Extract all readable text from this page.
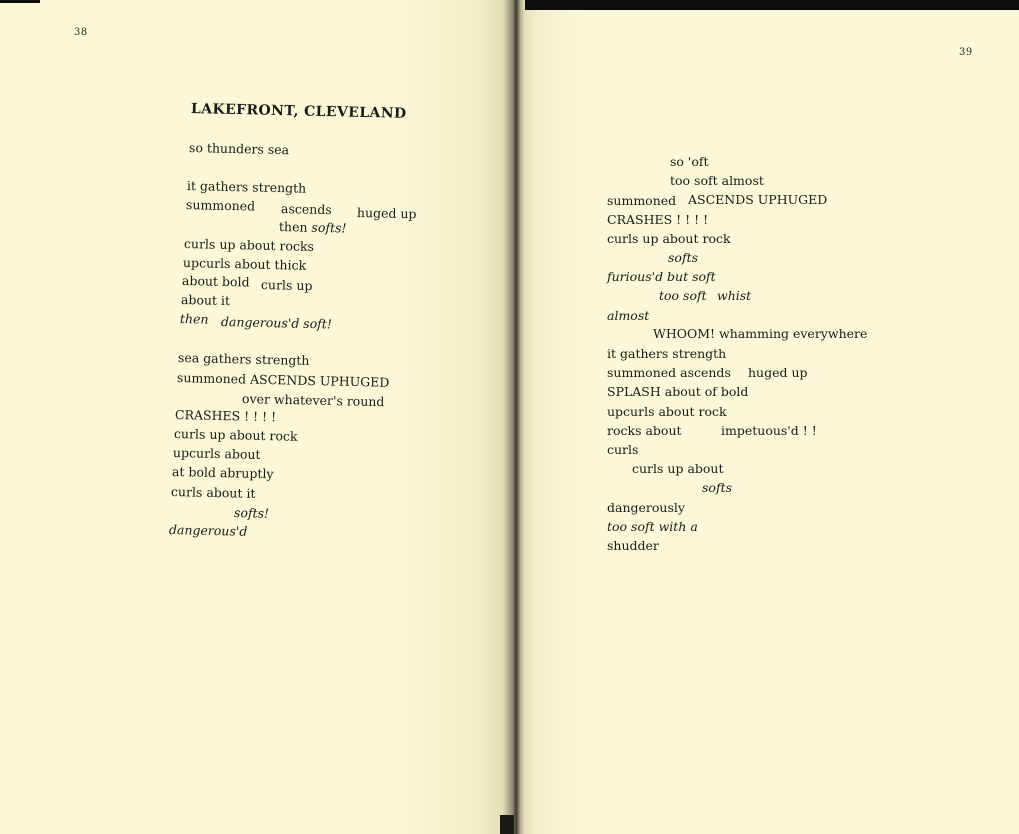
38
LAKEFRONT, CLEVELAND
so thunders sea
it gathers strength
summoned ascends huged up
then softs!
curls up about rocks
upcurls about thick
about bold curls up
about it
then dangerous'd soft!
sea gathers strength
summoned ASCENDS UPHUGED
over whatever's round
CRASHES ! ! ! !
curls up about rock
upcurls about
at bold abruptly
curls about it
softs!
dangerous'd
39
so 'oft
too soft almost
summoned ASCENDS UPHUGED
CRASHES ! ! ! !
curls up about rock
softs
furious'd but soft
too soft whist
almost
WHOOM! whamming everywhere
it gathers strength
summoned ascends huged up
SPLASH about of bold
upcurls about rock
rocks about	impetuous'd ! !
curls
curls up about
softs
dangerously
too soft with a
shudder
